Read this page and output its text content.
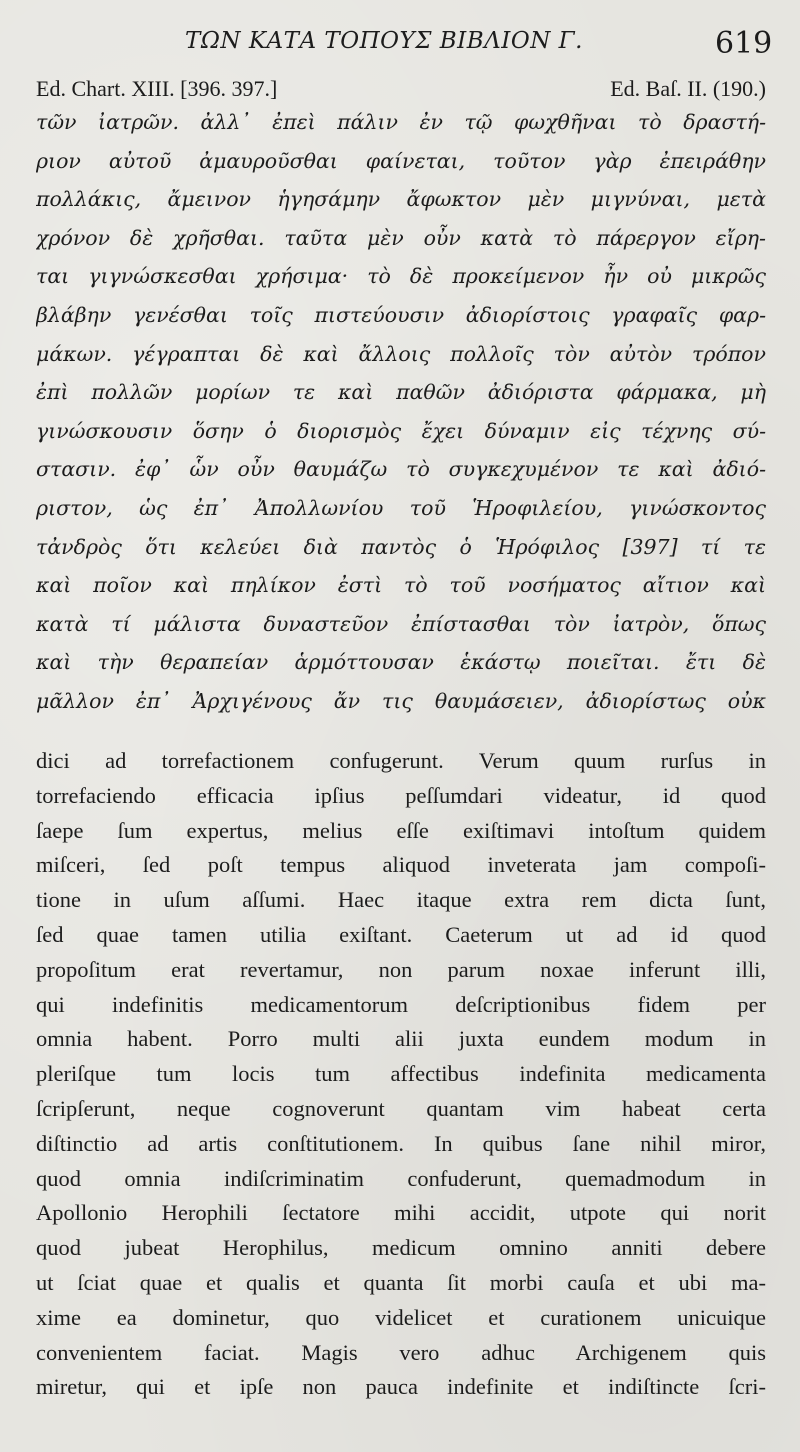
ΤΩΝ ΚΑΤΑ ΤΟΠΟΥΣ ΒΙΒΛΙΟΝ Γ.	619
Ed. Chart. XIII. [396. 397.]	Ed. Baſ. II. (190.)
τῶν ἰατρῶν. ἀλλ᾽ ἐπεὶ πάλιν ἐν τῷ φωχθῆναι τὸ δραστή-
ριον αὐτοῦ ἀμαυροῦσθαι φαίνεται, τοῦτον γὰρ ἐπειράθην
πολλάκις, ἄμεινον ἡγησάμην ἄφωκτον μὲν μιγνύναι, μετὰ
χρόνον δὲ χρῆσθαι. ταῦτα μὲν οὖν κατὰ τὸ πάρεργον εἴρη-
ται γιγνώσκεσθαι χρήσιμα· τὸ δὲ προκείμενον ἦν οὐ μικρῶς
βλάβην γενέσθαι τοῖς πιστεύουσιν ἀδιορίστοις γραφαῖς φαρ-
μάκων. γέγραπται δὲ καὶ ἄλλοις πολλοῖς τὸν αὐτὸν τρόπον
ἐπὶ πολλῶν μορίων τε καὶ παθῶν ἀδιόριστα φάρμακα, μὴ
γινώσκουσιν ὅσην ὁ διορισμὸς ἔχει δύναμιν εἰς τέχνης σύ-
στασιν. ἐφ᾽ ὧν οὖν θαυμάζω τὸ συγκεχυμένον τε καὶ ἀδιό-
ριστον, ὡς ἐπ᾽ Ἀπολλωνίου τοῦ Ἡροφιλείου, γινώσκοντος
τἀνδρὸς ὅτι κελεύει διὰ παντὸς ὁ Ἡρόφιλος [397] τί τε
καὶ ποῖον καὶ πηλίκον ἐστὶ τὸ τοῦ νοσήματος αἴτιον καὶ
κατὰ τί μάλιστα δυναστεῦον ἐπίστασθαι τὸν ἰατρὸν, ὅπως
καὶ τὴν θεραπείαν ἁρμόττουσαν ἑκάστῳ ποιεῖται. ἔτι δὲ
μᾶλλον ἐπ᾽ Ἀρχιγένους ἄν τις θαυμάσειεν, ἀδιορίστως οὐκ
dici ad torrefactionem confugerunt. Verum quum rurſus in
torrefaciendo efficacia ipſius peſſumdari videatur, id quod
ſaepe ſum expertus, melius eſſe exiſtimavi intoſtum quidem
miſceri, ſed poſt tempus aliquod inveterata jam compoſi-
tione in uſum aſſumi. Haec itaque extra rem dicta ſunt,
ſed quae tamen utilia exiſtant. Caeterum ut ad id quod
propoſitum erat revertamur, non parum noxae inferunt illi,
qui indefinitis medicamentorum deſcriptionibus fidem per
omnia habent. Porro multi alii juxta eundem modum in
pleriſque tum locis tum affectibus indefinita medicamenta
ſcripſerunt, neque cognoverunt quantam vim habeat certa
diſtinctio ad artis conſtitutionem. In quibus ſane nihil miror,
quod omnia indiſcriminatim confuderunt, quemadmodum in
Apollonio Herophili ſectatore mihi accidit, utpote qui norit
quod jubeat Herophilus, medicum omnino anniti debere
ut ſciat quae et qualis et quanta ſit morbi cauſa et ubi ma-
xime ea dominetur, quo videlicet et curationem unicuique
convenientem faciat. Magis vero adhuc Archigenem quis
miretur, qui et ipſe non pauca indefinite et indiſtincte ſcri-
